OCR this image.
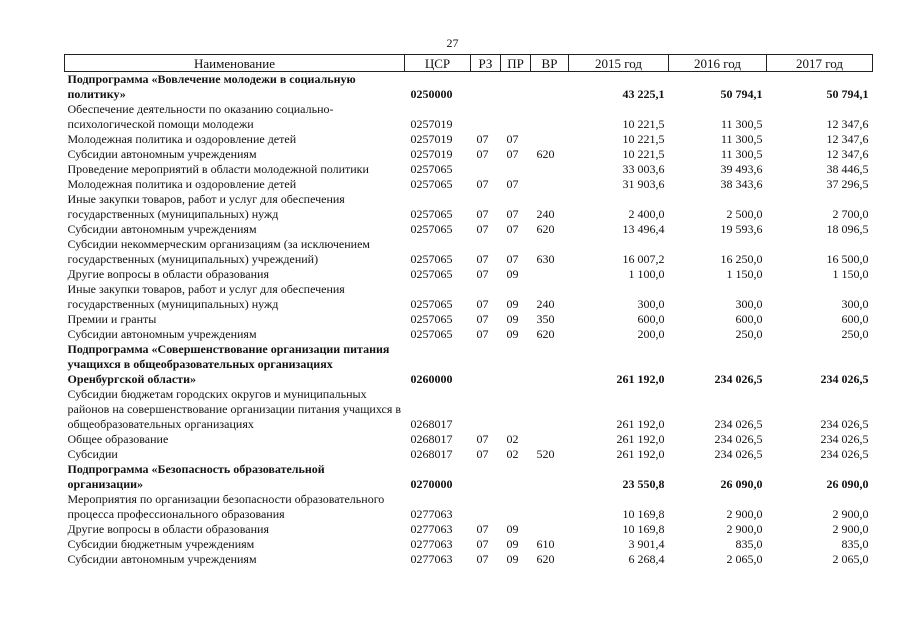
27
Наименование	ЦСР	РЗ	ПР	ВР	2015 год	2016 год	2017 год
Подпрограмма «Вовлечение молодежи в социальную политику»	0250000				43 225,1	50 794,1	50 794,1
Обеспечение деятельности по оказанию социально-психологической помощи молодежи	0257019				10 221,5	11 300,5	12 347,6
Молодежная политика и оздоровление детей	0257019	07	07		10 221,5	11 300,5	12 347,6
Субсидии автономным учреждениям	0257019	07	07	620	10 221,5	11 300,5	12 347,6
Проведение мероприятий в области молодежной политики	0257065				33 003,6	39 493,6	38 446,5
Молодежная политика и оздоровление детей	0257065	07	07		31 903,6	38 343,6	37 296,5
Иные закупки товаров, работ и услуг для обеспечения государственных (муниципальных) нужд	0257065	07	07	240	2 400,0	2 500,0	2 700,0
Субсидии автономным учреждениям	0257065	07	07	620	13 496,4	19 593,6	18 096,5
Субсидии некоммерческим организациям (за исключением государственных (муниципальных) учреждений)	0257065	07	07	630	16 007,2	16 250,0	16 500,0
Другие вопросы в области образования	0257065	07	09		1 100,0	1 150,0	1 150,0
Иные закупки товаров, работ и услуг для обеспечения государственных (муниципальных) нужд	0257065	07	09	240	300,0	300,0	300,0
Премии и гранты	0257065	07	09	350	600,0	600,0	600,0
Субсидии автономным учреждениям	0257065	07	09	620	200,0	250,0	250,0
Подпрограмма «Совершенствование организации питания учащихся в общеобразовательных организациях Оренбургской области»	0260000				261 192,0	234 026,5	234 026,5
Субсидии бюджетам городских округов и муниципальных районов на совершенствование организации питания учащихся в общеобразовательных организациях	0268017				261 192,0	234 026,5	234 026,5
Общее образование	0268017	07	02		261 192,0	234 026,5	234 026,5
Субсидии	0268017	07	02	520	261 192,0	234 026,5	234 026,5
Подпрограмма «Безопасность образовательной организации»	0270000				23 550,8	26 090,0	26 090,0
Мероприятия по организации безопасности образовательного процесса профессионального образования	0277063				10 169,8	2 900,0	2 900,0
Другие вопросы в области образования	0277063	07	09		10 169,8	2 900,0	2 900,0
Субсидии бюджетным учреждениям	0277063	07	09	610	3 901,4	835,0	835,0
Субсидии автономным учреждениям	0277063	07	09	620	6 268,4	2 065,0	2 065,0
